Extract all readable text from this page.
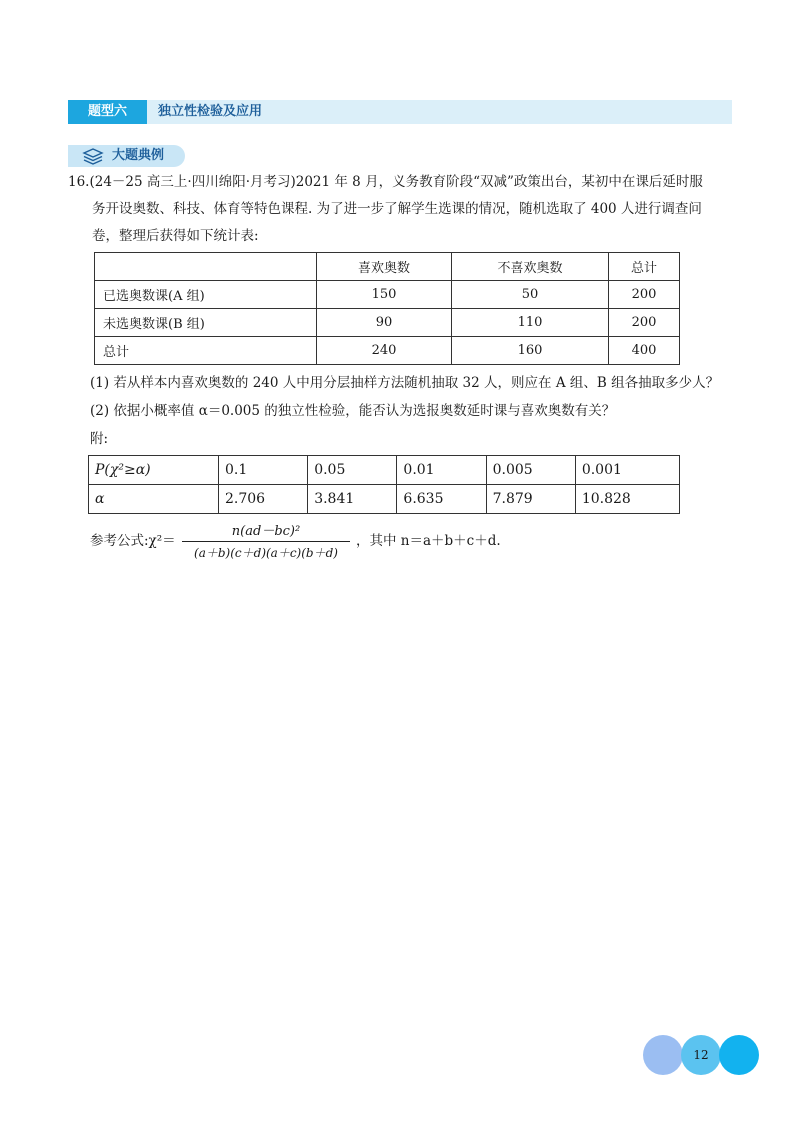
题型六	独立性检验及应用
大题典例
16.(24－25 高三上·四川绵阳·月考习)2021 年 8 月，义务教育阶段“双减”政策出台，某初中在课后延时服
务开设奥数、科技、体育等特色课程. 为了进一步了解学生选课的情况，随机选取了 400 人进行调查问
卷，整理后获得如下统计表:
	喜欢奥数	不喜欢奥数	总计
已选奥数课(A 组)	150	50	200
未选奥数课(B 组)	90	110	200
总计	240	160	400
(1) 若从样本内喜欢奥数的 240 人中用分层抽样方法随机抽取 32 人，则应在 A 组、B 组各抽取多少人？
(2) 依据小概率值 α＝0.005 的独立性检验，能否认为选报奥数延时课与喜欢奥数有关？
附:
P(χ²≥α)	0.1	0.05	0.01	0.005	0.001
α	2.706	3.841	6.635	7.879	10.828
参考公式:χ²＝ $\frac{\text{n(ad－bc)²}}{(a+b)(c+d)(a+c)(b+d)}$ ，其中 n＝a＋b＋c＋d.
12
